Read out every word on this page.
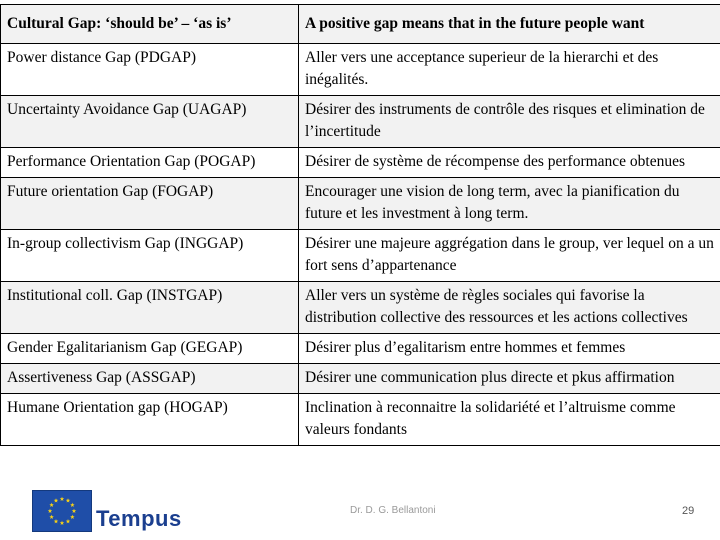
Cultural Gap: ‘should be’ – ‘as is’	A positive gap means that in the future people want
Power distance Gap (PDGAP)	Aller vers une acceptance superieur de la hierarchi et des inégalités.
Uncertainty Avoidance Gap (UAGAP)	Désirer des instruments de contrôle des risques et elimination de l’incertitude
Performance Orientation Gap (POGAP)	Désirer de système de récompense des performance obtenues
Future orientation Gap (FOGAP)	Encourager une vision de long term, avec la pianification du future et les investment à long term.
In-group collectivism Gap (INGGAP)	Désirer une majeure aggrégation dans le group, ver lequel on a un fort sens d’appartenance
Institutional coll. Gap (INSTGAP)	Aller vers un système de règles sociales qui favorise la distribution collective des ressources et les actions collectives
Gender Egalitarianism Gap (GEGAP)	Désirer plus d’egalitarism entre hommes et femmes
Assertiveness Gap (ASSGAP)	Désirer une communication plus directe et pkus affirmation
Humane Orientation gap (HOGAP)	Inclination à reconnaitre la solidariété et l’altruisme comme valeurs fondants
Tempus	Dr. D. G. Bellantoni	29
